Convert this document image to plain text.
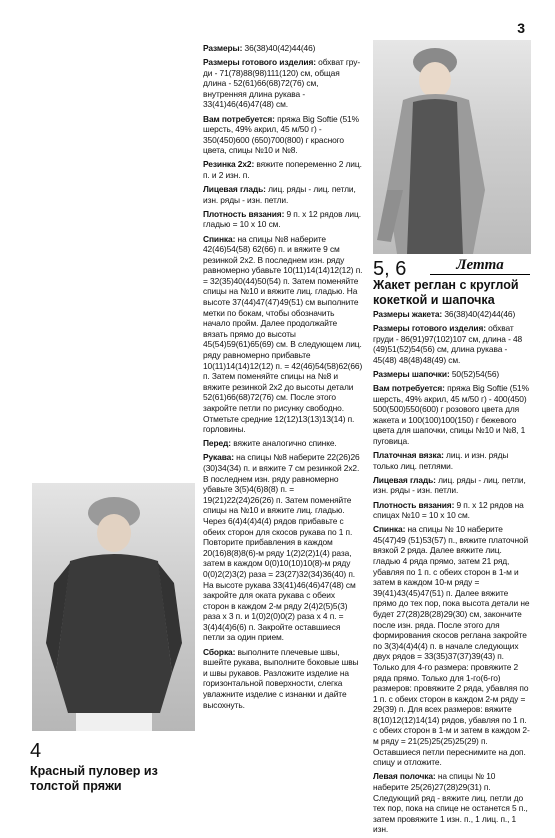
3
5, 6	Летта
Жакет реглан с круглой кокеткой и шапочка

Размеры: 36(38)40(42)44(46)

Размеры готового изделия: обхват гру-ди - 71(78)88(98)111(120) см, общая длина - 52(61)66(68)72(76) см, внутренняя длина рукава - 33(41)46(46)47(48) см.

Вам потребуется: пряжа Big Softie (51% шерсть, 49% акрил, 45 м/50 г) - 350(450)600 (650)700(800) г красного цвета, спицы №10 и №8.

Резинка 2х2: вяжите попеременно 2 лиц. п. и 2 изн. п.

Лицевая гладь: лиц. ряды - лиц. петли, изн. ряды - изн. петли.

Плотность вязания: 9 п. х 12 рядов лиц. гладью = 10 х 10 см.

Спинка: на спицы №8 наберите 42(46)54(58) 62(66) п. и вяжите 9 см резинкой 2х2. В последнем изн. ряду равномерно убавьте 10(11)14(14)12(12) п. = 32(35)40(44)50(54) п. Затем поменяйте спицы на №10 и вяжите лиц. гладью. На высоте 37(44)47(47)49(51) см выполните метки по бокам, чтобы обозначить начало пройм. Далее продолжайте вязать прямо до высоты 45(54)59(61)65(69) см. В следующем лиц. ряду равномерно прибавьте 10(11)14(14)12(12) п. = 42(46)54(58)62(66) п. Затем поменяйте спицы на №8 и вяжите резинкой 2х2 до высоты детали 52(61)66(68)72(76) см. После этого закройте петли по рисунку свободно. Отметьте средние 12(12)13(13)13(14) п. горловины.

Перед: вяжите аналогично спинке.

Рукава: на спицы №8 наберите 22(26)26 (30)34(34) п. и вяжите 7 см резинкой 2х2. В последнем изн. ряду равномерно убавьте 3(5)4(6)8(8) п. = 19(21)22(24)26(26) п. Затем поменяйте спицы на №10 и вяжите лиц. гладью. Через 6(4)4(4)4(4) рядов прибавьте с обеих сторон для скосов рукава по 1 п. Повторите прибавления в каждом 20(16)8(8)8(6)-м ряду 1(2)2(2)1(4) раза, затем в каждом 0(0)10(10)10(8)-м ряду 0(0)2(2)3(2) раза = 23(27)32(34)36(40) п. На высоте рукава 33(41)46(46)47(48) см закройте для оката рукава с обеих сторон в каждом 2-м ряду 2(4)2(5)5(3) раза х 3 п. и 1(0)2(0)0(2) раза х 4 п. = 3(4)4(4)6(6) п. Закройте оставшиеся петли за один прием.

Сборка: выполните плечевые швы, вшейте рукава, выполните боковые швы и швы рукавов. Разложите изделие на горизонтальной поверхности, слегка увлажните изделие с изнанки и дайте высохнуть.

Размеры жакета: 36(38)40(42)44(46)

Размеры готового изделия: обхват груди - 86(91)97(102)107 см, длина - 48 (49)51(52)54(56) см, длина рукава - 45(48) 48(48)48(49) см.

Размеры шапочки: 50(52)54(56)

Вам потребуется: пряжа Big Softie (51% шерсть, 49% акрил, 45 м/50 г) - 400(450) 500(500)550(600) г розового цвета для жакета и 100(100)100(150) г бежевого цвета для шапочки, спицы №10 и №8, 1 пуговица.

Платочная вязка: лиц. и изн. ряды только лиц. петлями.

Лицевая гладь: лиц. ряды - лиц. петли, изн. ряды - изн. петли.

Плотность вязания: 9 п. х 12 рядов на спицах №10 = 10 х 10 см.

Спинка: на спицы № 10 наберите 45(47)49 (51)53(57) п., вяжите платочной вязкой 2 ряда. Далее вяжите лиц. гладью 4 ряда прямо, затем 21 ряд, убавляя по 1 п. с обеих сторон в 1-м и затем в каждом 10-м ряду = 39(41)43(45)47(51) п. Далее вяжите прямо до тех пор, пока высота детали не будет 27(28)28(28)29(30) см, закончите после изн. ряда. После этого для формирования скосов реглана закройте по 3(3)4(4)4(4) п. в начале следующих двух рядов = 33(35)37(37)39(43) п. Только для 4-го размера: провяжите 2 ряда прямо. Только для 1-го(6-го) размеров: провяжите 2 ряда, убавляя по 1 п. с обеих сторон в каждом 2-м ряду = 29(39) п. Для всех размеров: вяжите 8(10)12(12)14(14) рядов, убавляя по 1 п. с обеих сторон в 1-м и затем в каждом 2-м ряду = 21(25)25(25)25(29) п. Оставшиеся петли переснимите на доп. спицу и отложите.

Левая полочка: на спицы № 10 наберите 25(26)27(28)29(31) п. Следующий ряд - вяжите лиц. петли до тех пор, пока на спице не останется 5 п., затем провяжите 1 изн. п., 1 лиц. п., 1 изн.

4
Красный пуловер из толстой пряжи
